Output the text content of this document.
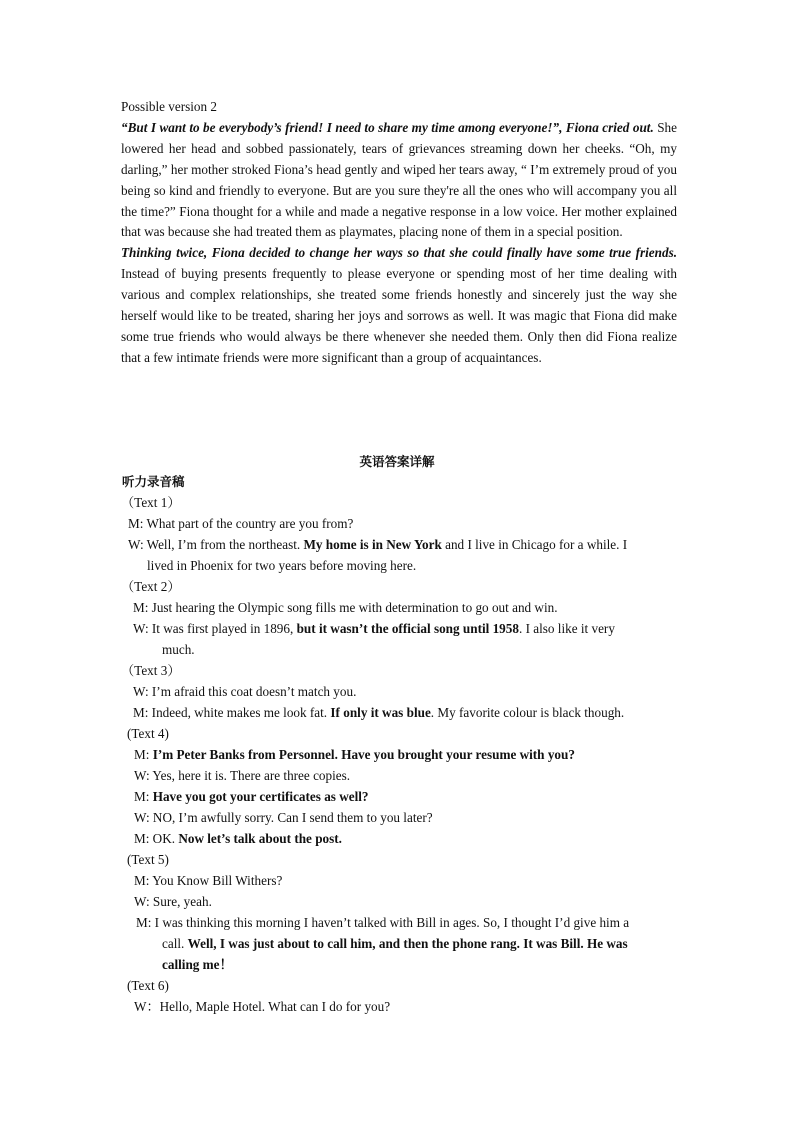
Possible version 2

“But I want to be everybody’s friend! I need to share my time among everyone!”, Fiona cried out. She lowered her head and sobbed passionately, tears of grievances streaming down her cheeks. “Oh, my darling,” her mother stroked Fiona’s head gently and wiped her tears away, “ I’m extremely proud of you being so kind and friendly to everyone. But are you sure they're all the ones who will accompany you all the time?” Fiona thought for a while and made a negative response in a low voice. Her mother explained that was because she had treated them as playmates, placing none of them in a special position.

Thinking twice, Fiona decided to change her ways so that she could finally have some true friends. Instead of buying presents frequently to please everyone or spending most of her time dealing with various and complex relationships, she treated some friends honestly and sincerely just the way she herself would like to be treated, sharing her joys and sorrows as well. It was magic that Fiona did make some true friends who would always be there whenever she needed them. Only then did Fiona realize that a few intimate friends were more significant than a group of acquaintances.

英语答案详解
听力录音稿
（Text 1）
M: What part of the country are you from?
W: Well, I’m from the northeast. My home is in New York and I live in Chicago for a while. I
lived in Phoenix for two years before moving here.
（Text 2）
M: Just hearing the Olympic song fills me with determination to go out and win.
W: It was first played in 1896, but it wasn’t the official song until 1958. I also like it very
much.
（Text 3）
W: I’m afraid this coat doesn’t match you.
M: Indeed, white makes me look fat. If only it was blue. My favorite colour is black though.
(Text 4)
M: I’m Peter Banks from Personnel. Have you brought your resume with you?
W: Yes, here it is. There are three copies.
M: Have you got your certificates as well?
W: NO, I’m awfully sorry. Can I send them to you later?
M: OK. Now let’s talk about the post.
(Text 5)
M: You Know Bill Withers?
W: Sure, yeah.
M: I was thinking this morning I haven’t talked with Bill in ages. So, I thought I’d give him a
call. Well, I was just about to call him, and then the phone rang. It was Bill. He was
calling me！
(Text 6)
W：Hello, Maple Hotel. What can I do for you?
